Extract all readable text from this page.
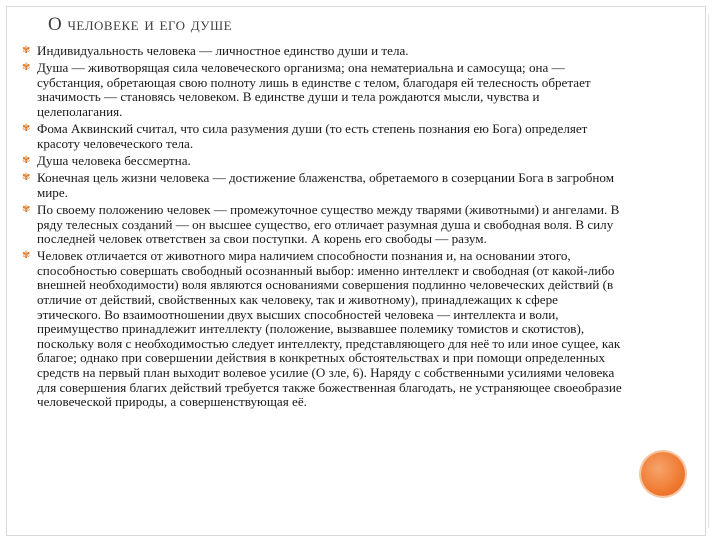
О человеке и его душе
✾ Индивидуальность человека — личностное единство души и тела.
✾ Душа — животворящая сила человеческого организма; она нематериальна и самосуща; она — субстанция, обретающая свою полноту лишь в единстве с телом, благодаря ей телесность обретает значимость — становясь человеком. В единстве души и тела рождаются мысли, чувства и целеполагания.
✾ Фома Аквинский считал, что сила разумения души (то есть степень познания ею Бога) определяет красоту человеческого тела.
✾ Душа человека бессмертна.
✾ Конечная цель жизни человека — достижение блаженства, обретаемого в созерцании Бога в загробном мире.
✾ По своему положению человек — промежуточное существо между тварями (животными) и ангелами. В ряду телесных созданий — он высшее существо, его отличает разумная душа и свободная воля. В силу последней человек ответствен за свои поступки. А корень его свободы — разум.
✾ Человек отличается от животного мира наличием способности познания и, на основании этого, способностью совершать свободный осознанный выбор: именно интеллект и свободная (от какой-либо внешней необходимости) воля являются основаниями совершения подлинно человеческих действий (в отличие от действий, свойственных как человеку, так и животному), принадлежащих к сфере этического. Во взаимоотношении двух высших способностей человека — интеллекта и воли, преимущество принадлежит интеллекту (положение, вызвавшее полемику томистов и скотистов), поскольку воля с необходимостью следует интеллекту, представляющего для неё то или иное сущее, как благое; однако при совершении действия в конкретных обстоятельствах и при помощи определенных средств на первый план выходит волевое усилие (О зле, 6). Наряду с собственными усилиями человека для совершения благих действий требуется также божественная благодать, не устраняющее своеобразие человеческой природы, а совершенствующая её.
